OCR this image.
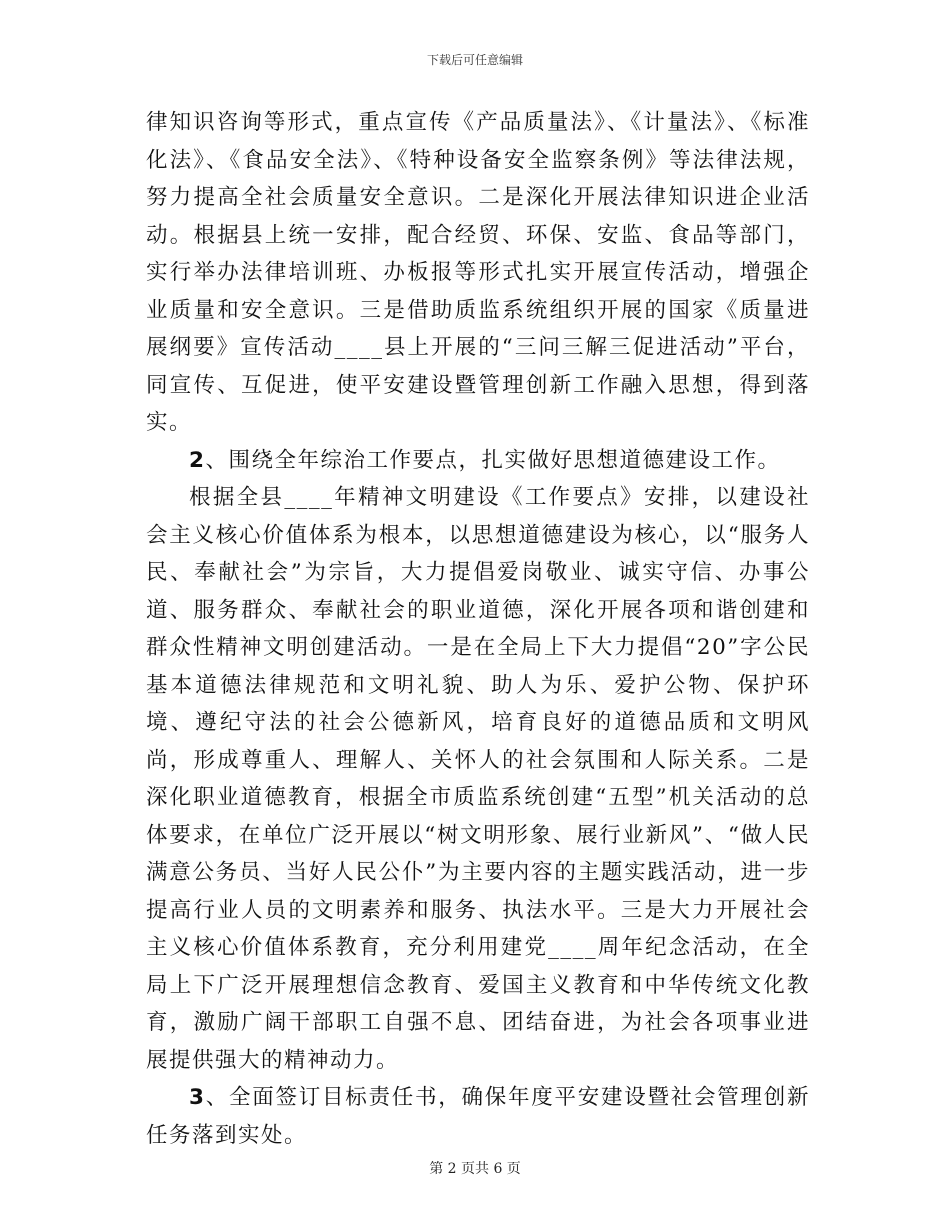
下载后可任意编辑

律知识咨询等形式，重点宣传《产品质量法》、《计量法》、《标准化法》、《食品安全法》、《特种设备安全监察条例》等法律法规，努力提高全社会质量安全意识。二是深化开展法律知识进企业活动。根据县上统一安排，配合经贸、环保、安监、食品等部门，实行举办法律培训班、办板报等形式扎实开展宣传活动，增强企业质量和安全意识。三是借助质监系统组织开展的国家《质量进展纲要》宣传活动____县上开展的“三问三解三促进活动”平台，同宣传、互促进，使平安建设暨管理创新工作融入思想，得到落实。

2、围绕全年综治工作要点，扎实做好思想道德建设工作。

根据全县____年精神文明建设《工作要点》安排，以建设社会主义核心价值体系为根本，以思想道德建设为核心，以“服务人民、奉献社会”为宗旨，大力提倡爱岗敬业、诚实守信、办事公道、服务群众、奉献社会的职业道德，深化开展各项和谐创建和群众性精神文明创建活动。一是在全局上下大力提倡“20”字公民基本道德法律规范和文明礼貌、助人为乐、爱护公物、保护环境、遵纪守法的社会公德新风，培育良好的道德品质和文明风尚，形成尊重人、理解人、关怀人的社会氛围和人际关系。二是深化职业道德教育，根据全市质监系统创建“五型”机关活动的总体要求，在单位广泛开展以“树文明形象、展行业新风”、“做人民满意公务员、当好人民公仆”为主要内容的主题实践活动，进一步提高行业人员的文明素养和服务、执法水平。三是大力开展社会主义核心价值体系教育，充分利用建党____周年纪念活动，在全局上下广泛开展理想信念教育、爱国主义教育和中华传统文化教育，激励广阔干部职工自强不息、团结奋进，为社会各项事业进展提供强大的精神动力。

3、全面签订目标责任书，确保年度平安建设暨社会管理创新任务落到实处。

第 2 页共 6 页
